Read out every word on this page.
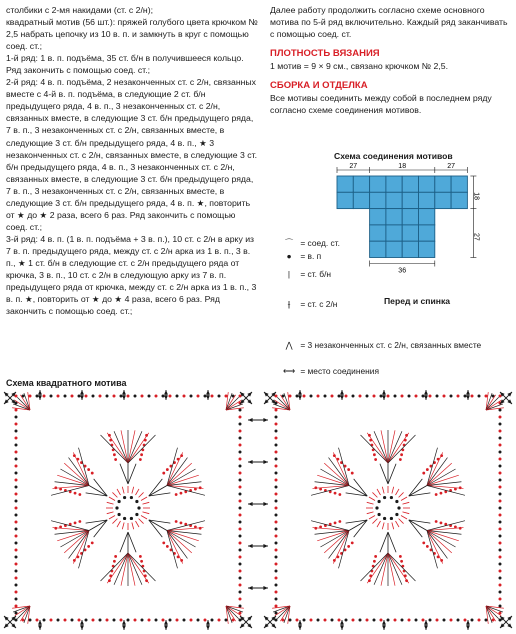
столбики с 2-мя накидами (ст. с 2/н);

квадратный мотив (56 шт.): пряжей голубого цвета крючком № 2,5 набрать цепочку из 10 в. п. и замкнуть в круг с помощью соед. ст.;

1-й ряд: 1 в. п. подъёма, 35 ст. б/н в получившееся кольцо. Ряд закончить с помощью соед. ст.;

2-й ряд: 4 в. п. подъёма, 2 незаконченных ст. с 2/н, связанных вместе с 4-й в. п. подъёма, в следующие 2 ст. б/н предыдущего ряда, 4 в. п., 3 незаконченных ст. с 2/н, связанных вместе, в следующие 3 ст. б/н предыдущего ряда, 7 в. п., 3 незаконченных ст. с 2/н, связанных вместе, в следующие 3 ст. б/н предыдущего ряда, 4 в. п., ★ 3 незаконченных ст. с 2/н, связанных вместе, в следующие 3 ст. б/н предыдущего ряда, 4 в. п., 3 незаконченных ст. с 2/н, связанных вместе, в следующие 3 ст. б/н предыдущего ряда, 7 в. п., 3 незаконченных ст. с 2/н, связанных вместе, в следующие 3 ст. б/н предыдущего ряда, 4 в. п. ★, повторить от ★ до ★ 2 раза, всего 6 раз. Ряд закончить с помощью соед. ст.;

3-й ряд: 4 в. п. (1 в. п. подъёма + 3 в. п.), 10 ст. с 2/н в арку из 7 в. п. предыдущего ряда, между ст. с 2/н арка из 1 в. п., 3 в. п., ★ 1 ст. б/н в следующие ст. с 2/н предыдущего ряда от крючка, 3 в. п., 10 ст. с 2/н в следующую арку из 7 в. п. предыдущего ряда от крючка, между ст. с 2/н арка из 1 в. п., 3 в. п. ★, повторить от ★ до ★ 4 раза, всего 6 раз. Ряд закончить с помощью соед. ст.;

Далее работу продолжить согласно схеме основного мотива по 5-й ряд включительно. Каждый ряд заканчивать с помощью соед. ст.

ПЛОТНОСТЬ ВЯЗАНИЯ

1 мотив = 9 × 9 см., связано крючком № 2,5.

СБОРКА И ОТДЕЛКА

Все мотивы соединить между собой в последнем ряду согласно схеме соединения мотивов.

Схема соединения мотивов
27	18	27
18
27
36
Перед и спинка
⌒ = соед. ст.
● = в. п
| = ст. б/н
⫲ = ст. с 2/н
⋀ = 3 незаконченных ст. с 2/н, связанных вместе
⟷ = место соединения
Схема квадратного мотива
